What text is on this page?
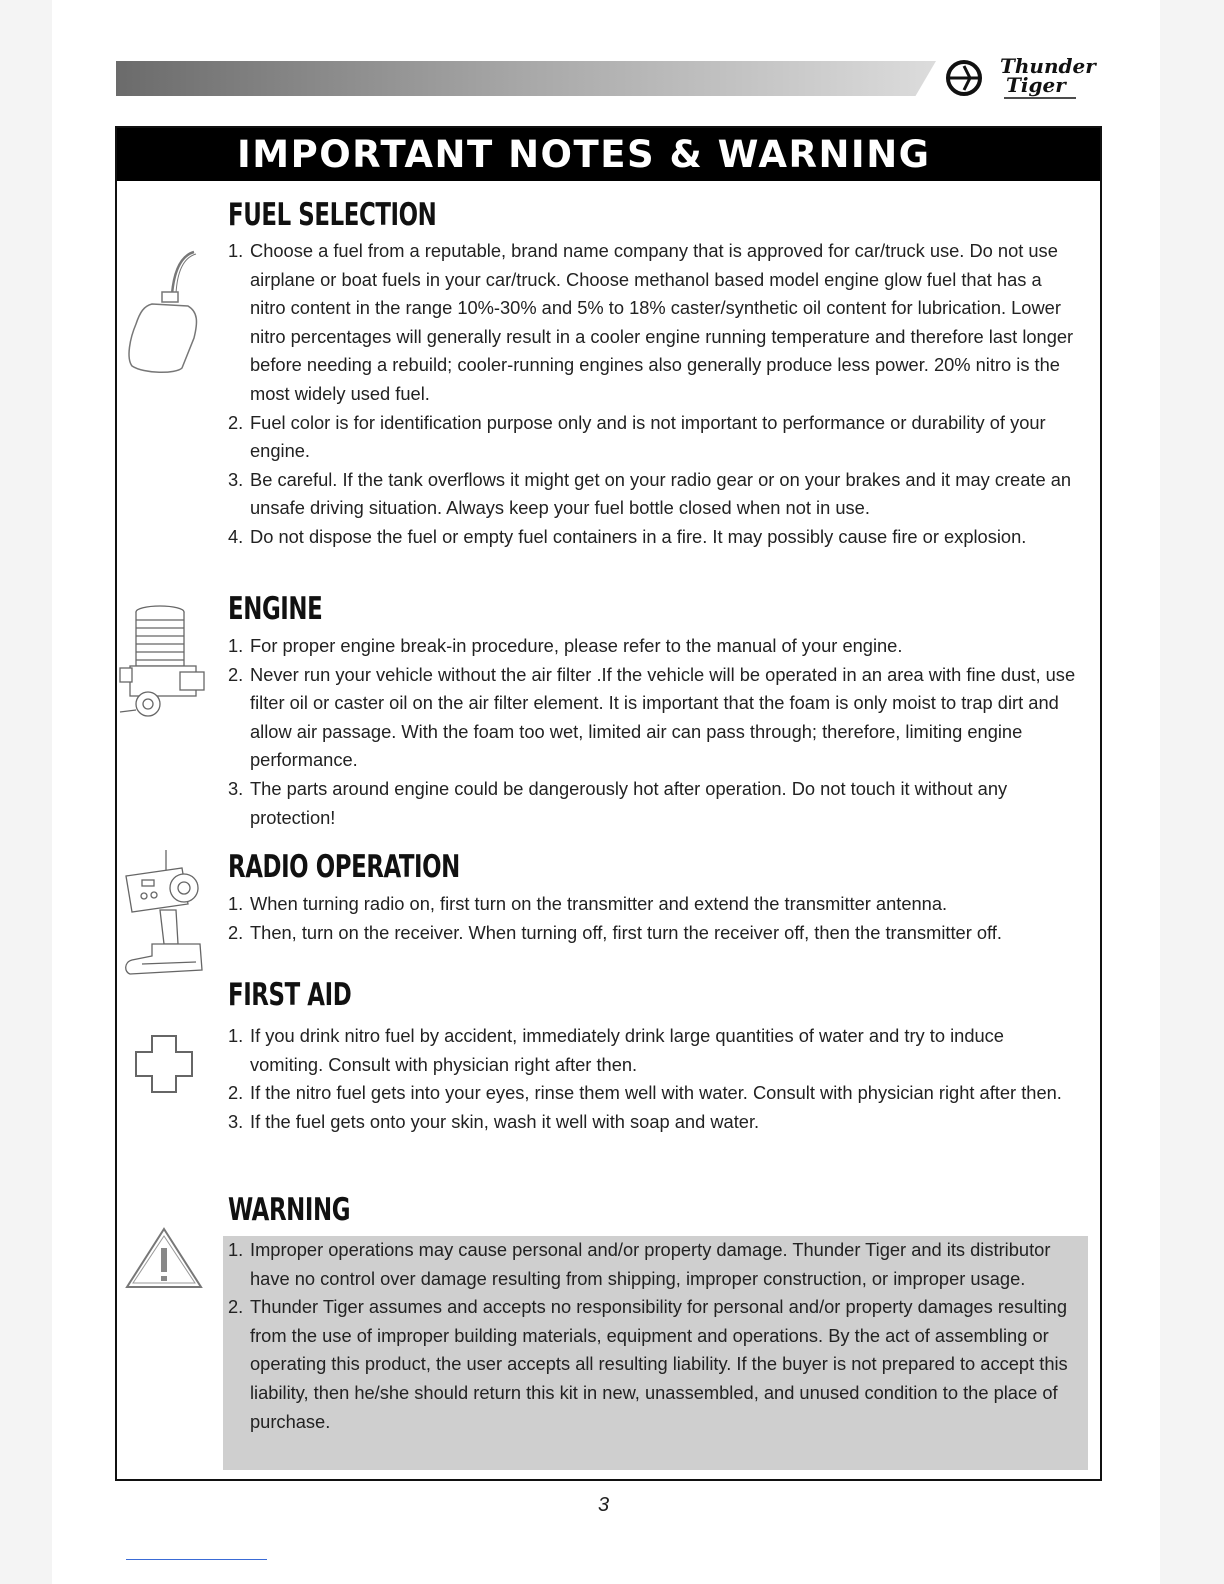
Thunder
Tiger
IMPORTANT NOTES & WARNING
FUEL SELECTION
1. Choose a fuel from a reputable, brand name company that is approved for car/truck use. Do not use airplane or boat fuels in your car/truck. Choose methanol based model engine glow fuel that has a nitro content in the range 10%-30% and 5% to 18% caster/synthetic oil content for lubrication. Lower nitro percentages will generally result in a cooler engine running temperature and therefore last longer before needing a rebuild; cooler-running engines also generally produce less power. 20% nitro is the most widely used fuel.
2. Fuel color is for identification purpose only and is not important to performance or durability of your engine.
3. Be careful. If the tank overflows it might get on your radio gear or on your brakes and it may create an unsafe driving situation. Always keep your fuel bottle closed when not in use.
4. Do not dispose the fuel or empty fuel containers in a fire. It may possibly cause fire or explosion.
ENGINE
1. For proper engine break-in procedure, please refer to the manual of your engine.
2. Never run your vehicle without the air filter .If the vehicle will be operated in an area with fine dust, use filter oil or caster oil on the air filter element. It is important that the foam is only moist to trap dirt and allow air passage. With the foam too wet, limited air can pass through; therefore, limiting engine performance.
3. The parts around engine could be dangerously hot after operation. Do not touch it without any protection!
RADIO OPERATION
1. When turning radio on, first turn on the transmitter and extend the transmitter antenna.
2. Then, turn on the receiver. When turning off, first turn the receiver off, then the transmitter off.
FIRST AID
1. If you drink nitro fuel by accident, immediately drink large quantities of water and try to induce vomiting. Consult with physician right after then.
2. If the nitro fuel gets into your eyes, rinse them well with water. Consult with physician right after then.
3. If the fuel gets onto your skin, wash it well with soap and water.
WARNING
1. Improper operations may cause personal and/or property damage. Thunder Tiger and its distributor have no control over damage resulting from shipping, improper construction, or improper usage.
2. Thunder Tiger assumes and accepts no responsibility for personal and/or property damages resulting from the use of improper building materials, equipment and operations. By the act of assembling or operating this product, the user accepts all resulting liability. If the buyer is not prepared to accept this liability, then he/she should return this kit in new, unassembled, and unused condition to the place of purchase.
3
